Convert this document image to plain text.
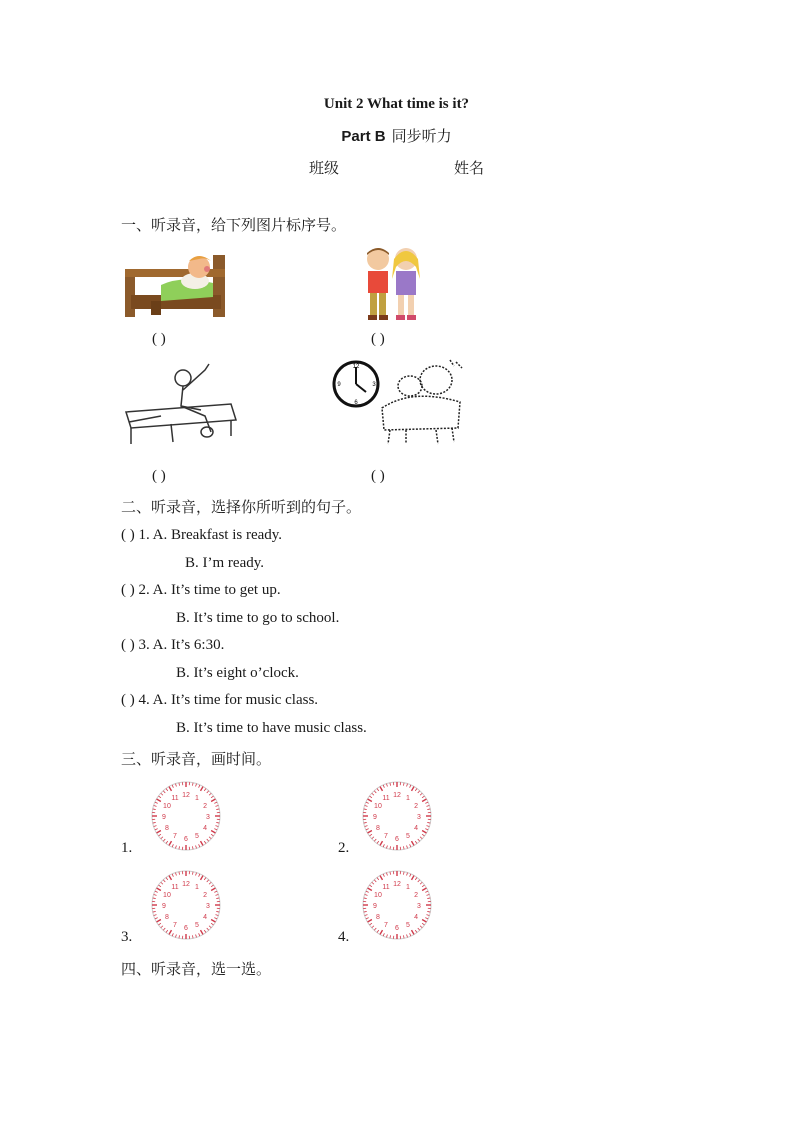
Unit 2 What time is it?
Part B 同步听力
班级	姓名
一、听录音，给下列图片标序号。
( )	( )
12
3
6
9
( )	( )
二、听录音，选择你所听到的句子。
( ) 1. A. Breakfast is ready.
B. I’m ready.
( ) 2. A. It’s time to get up.
B. It’s time to go to school.
( ) 3. A. It’s 6:30.
B. It’s eight o’clock.
( ) 4. A. It’s time for music class.
B. It’s time to have music class.
三、听录音，画时间。
1.	2.
3.	4.
12 1
2
3
4
5
6
7
8
9
10
11	12 1
2
3
4
5
6
7
8
9
10
11
12 1
2
3
4
5
6
7
8
9
10
11	12 1
2
3
4
5
6
7
8
9
10
11
四、听录音，选一选。
